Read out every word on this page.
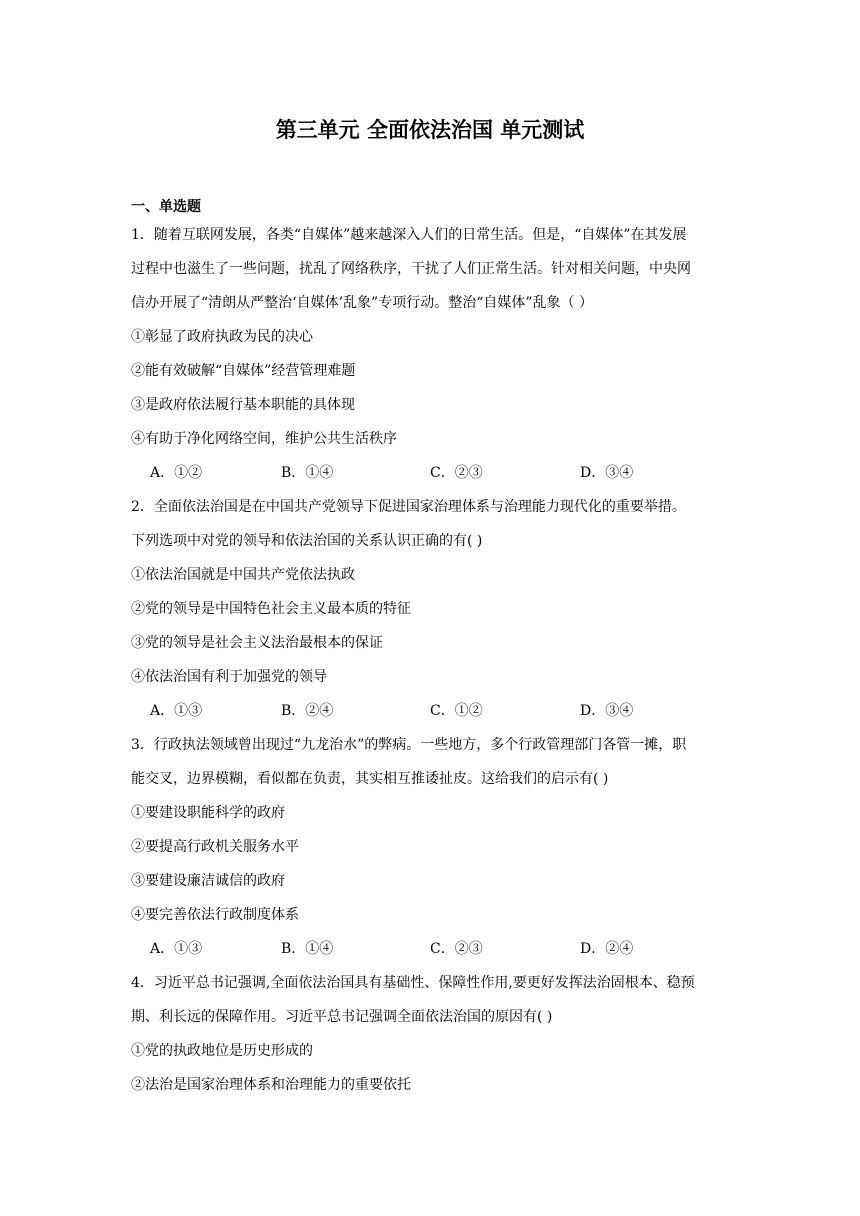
第三单元 全面依法治国 单元测试
一、单选题
1．随着互联网发展，各类“自媒体”越来越深入人们的日常生活。但是，“自媒体”在其发展
过程中也滋生了一些问题，扰乱了网络秩序，干扰了人们正常生活。针对相关问题，中央网
信办开展了“清朗从严整治‘自媒体’乱象”专项行动。整治“自媒体”乱象（ ）
①彰显了政府执政为民的决心
②能有效破解“自媒体”经营管理难题
③是政府依法履行基本职能的具体现
④有助于净化网络空间，维护公共生活秩序
A．①②	B．①④	C．②③	D．③④
2．全面依法治国是在中国共产党领导下促进国家治理体系与治理能力现代化的重要举措。
下列选项中对党的领导和依法治国的关系认识正确的有( )
①依法治国就是中国共产党依法执政
②党的领导是中国特色社会主义最本质的特征
③党的领导是社会主义法治最根本的保证
④依法治国有利于加强党的领导
A．①③	B．②④	C．①②	D．③④
3．行政执法领域曾出现过“九龙治水”的弊病。一些地方，多个行政管理部门各管一摊，职
能交叉，边界模糊，看似都在负责，其实相互推诿扯皮。这给我们的启示有( )
①要建设职能科学的政府
②要提高行政机关服务水平
③要建设廉洁诚信的政府
④要完善依法行政制度体系
A．①③	B．①④	C．②③	D．②④
4．习近平总书记强调,全面依法治国具有基础性、保障性作用,要更好发挥法治固根本、稳预
期、利长远的保障作用。习近平总书记强调全面依法治国的原因有( )
①党的执政地位是历史形成的
②法治是国家治理体系和治理能力的重要依托
